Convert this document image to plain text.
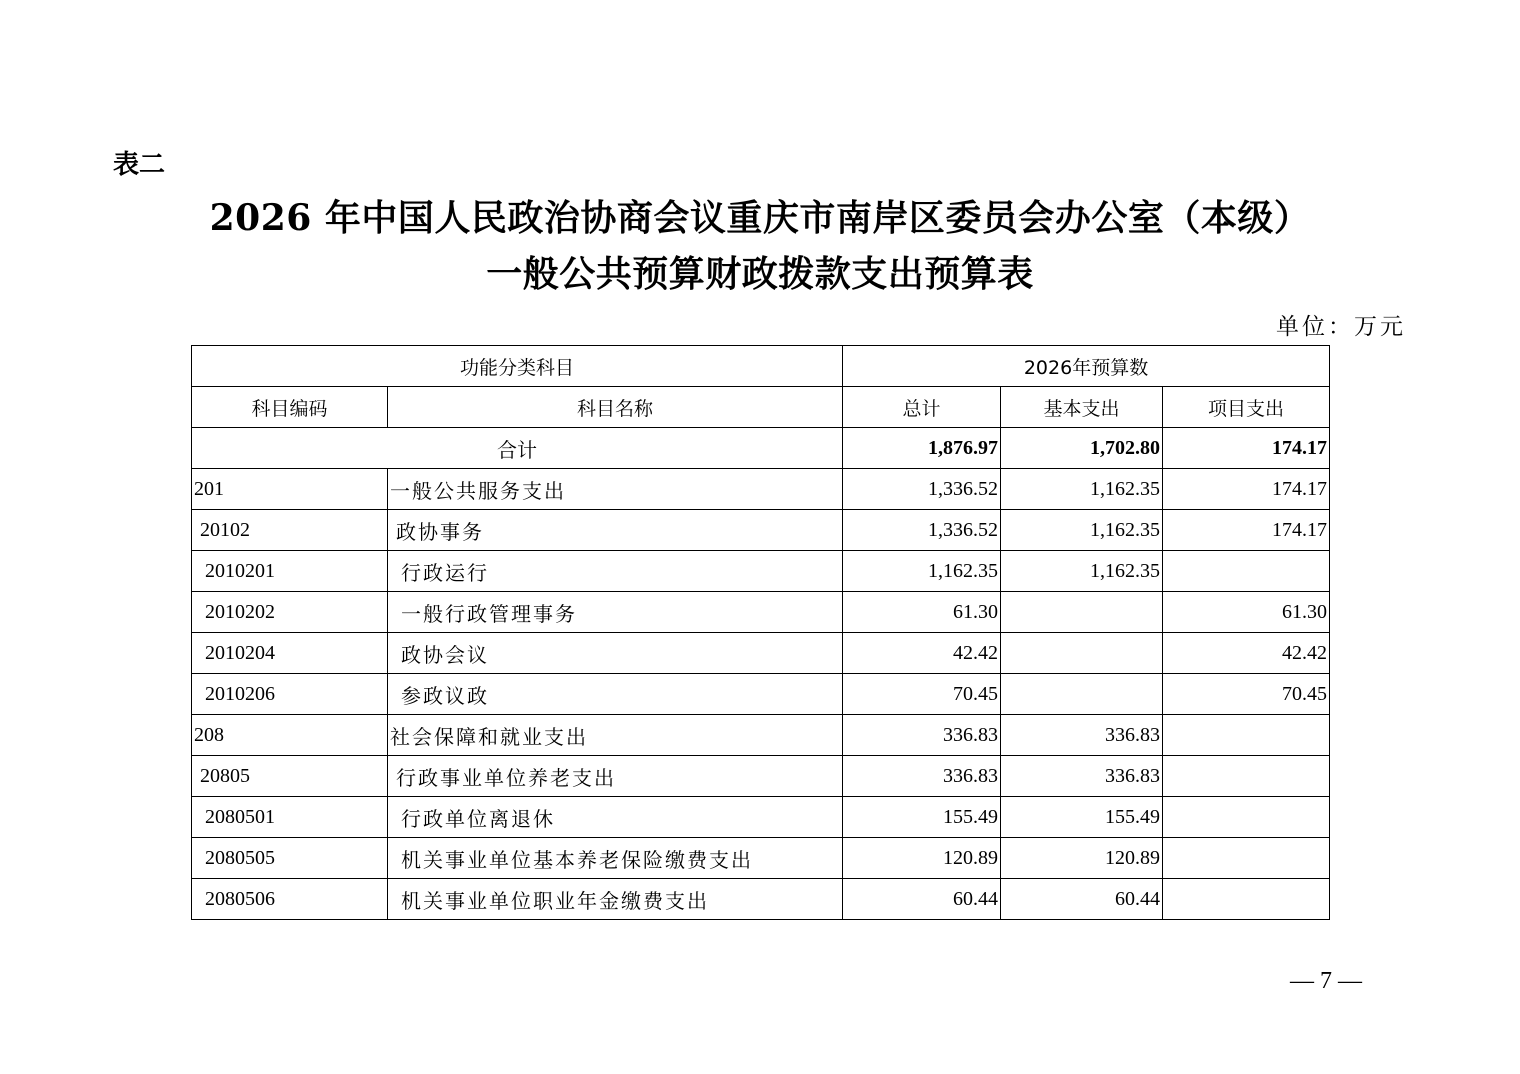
表二
2026 年中国人民政治协商会议重庆市南岸区委员会办公室（本级）
一般公共预算财政拨款支出预算表
单位：万元
功能分类科目		2026年预算数		
科目编码	科目名称	总计	基本支出	项目支出
合计		1,876.97	1,702.80	174.17
201	一般公共服务支出	1,336.52	1,162.35	174.17
20102	政协事务	1,336.52	1,162.35	174.17
2010201	行政运行	1,162.35	1,162.35	
2010202	一般行政管理事务	61.30		61.30
2010204	政协会议	42.42		42.42
2010206	参政议政	70.45		70.45
208	社会保障和就业支出	336.83	336.83	
20805	行政事业单位养老支出	336.83	336.83	
2080501	行政单位离退休	155.49	155.49	
2080505	机关事业单位基本养老保险缴费支出	120.89	120.89	
2080506	机关事业单位职业年金缴费支出	60.44	60.44	
— 7 —
